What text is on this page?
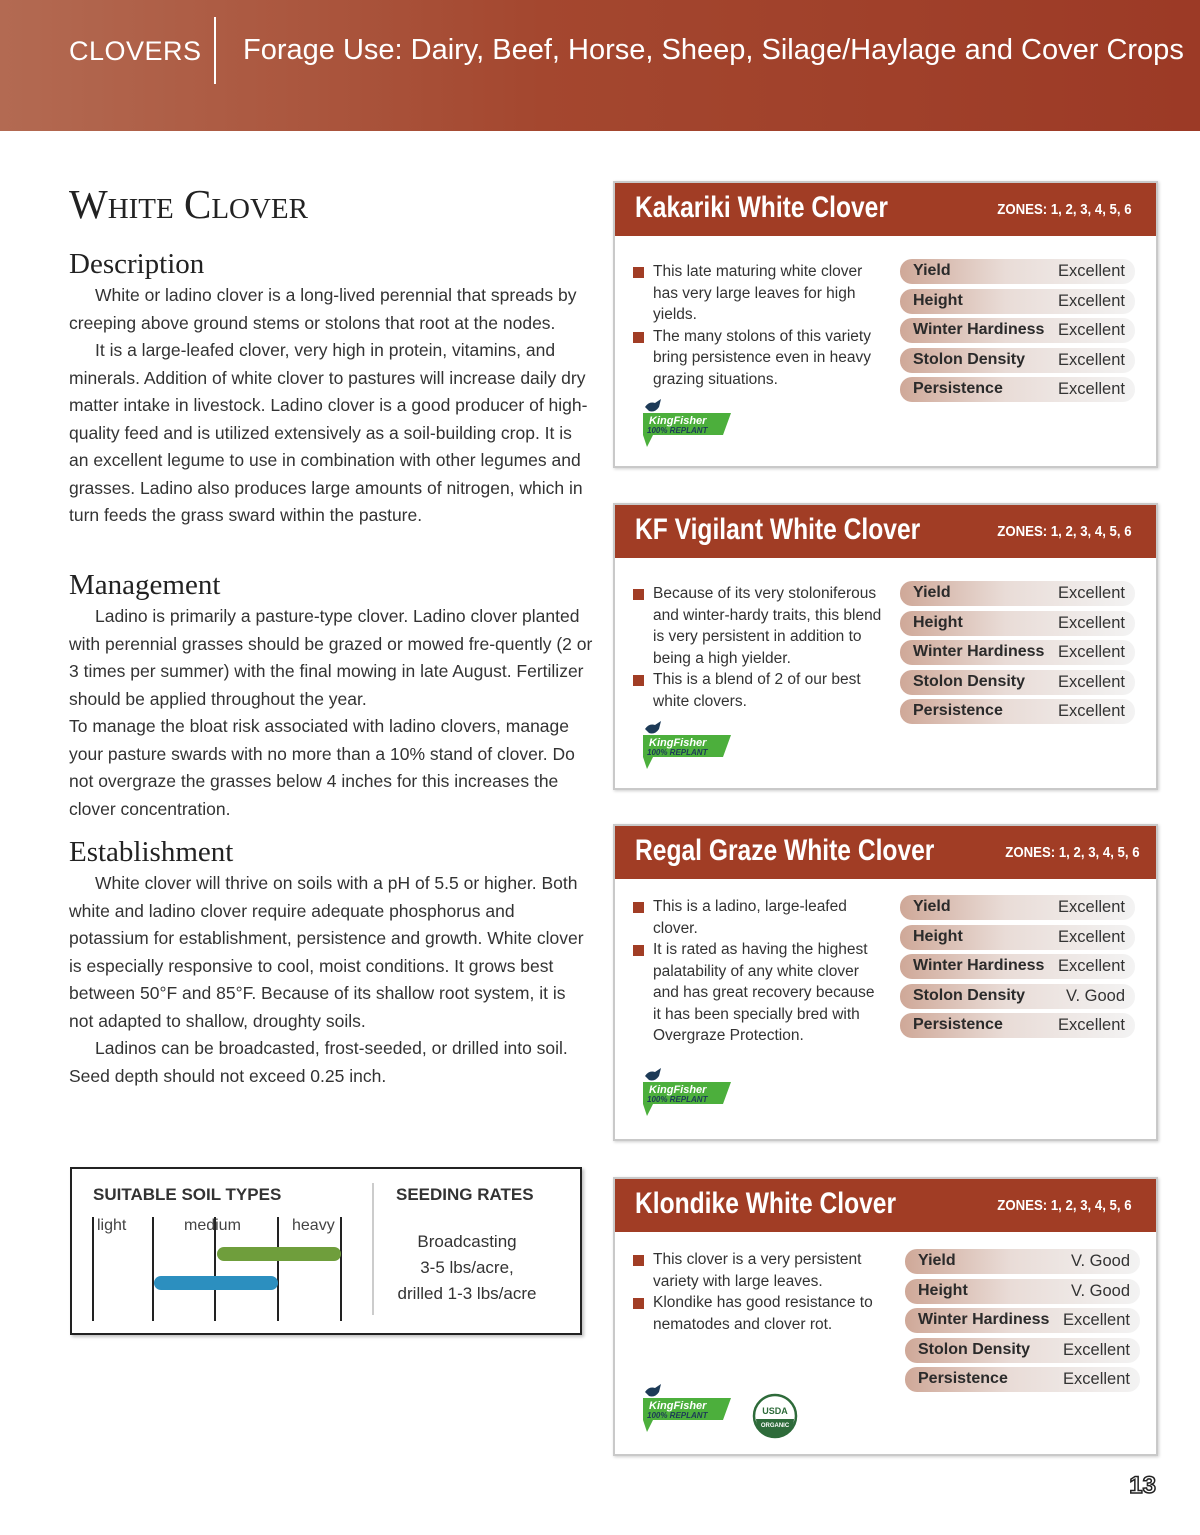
CLOVERS Forage Use: Dairy, Beef, Horse, Sheep, Silage/Haylage and Cover Crops
White Clover
Description

White or ladino clover is a long-lived perennial that spreads by creeping above ground stems or stolons that root at the nodes.

It is a large-leafed clover, very high in protein, vitamins, and minerals. Addition of white clover to pastures will increase daily dry matter intake in livestock. Ladino clover is a good producer of high-quality feed and is utilized extensively as a soil-building crop. It is an excellent legume to use in combination with other legumes and grasses. Ladino also produces large amounts of nitrogen, which in turn feeds the grass sward within the pasture.

Management

Ladino is primarily a pasture-type clover. Ladino clover planted with perennial grasses should be grazed or mowed fre-quently (2 or 3 times per summer) with the final mowing in late August. Fertilizer should be applied throughout the year.

To manage the bloat risk associated with ladino clovers, manage your pasture swards with no more than a 10% stand of clover. Do not overgraze the grasses below 4 inches for this increases the clover concentration.

Establishment

White clover will thrive on soils with a pH of 5.5 or higher. Both white and ladino clover require adequate phosphorus and potassium for establishment, persistence and growth. White clover is especially responsive to cool, moist conditions. It grows best between 50°F and 85°F. Because of its shallow root system, it is not adapted to shallow, droughty soils.

Ladinos can be broadcasted, frost-seeded, or drilled into soil. Seed depth should not exceed 0.25 inch.

SUITABLE SOIL TYPES
light	medium	heavy
SEEDING RATES
Broadcasting
3-5 lbs/acre,
drilled 1-3 lbs/acre
Kakariki White Clover	ZONES: 1, 2, 3, 4, 5, 6
This late maturing white clover has very large leaves for high yields.
The many stolons of this variety bring persistence even in heavy grazing situations.
Yield	Excellent
Height	Excellent
Winter Hardiness Excellent
Stolon Density Excellent
Persistence	Excellent
KingFisher
100% REPLANT
KF Vigilant White Clover	ZONES: 1, 2, 3, 4, 5, 6
Because of its very stoloniferous and winter-hardy traits, this blend is very persistent in addition to being a high yielder.
This is a blend of 2 of our best white clovers.
Yield	Excellent
Height	Excellent
Winter Hardiness Excellent
Stolon Density Excellent
Persistence	Excellent
KingFisher
100% REPLANT
Regal Graze White Clover	ZONES: 1, 2, 3, 4, 5, 6
This is a ladino, large-leafed clover.
It is rated as having the highest palatability of any white clover and has great recovery because it has been specially bred with Overgraze Protection.
Yield	Excellent
Height	Excellent
Winter Hardiness Excellent
Stolon Density V. Good
Persistence	Excellent
KingFisher
100% REPLANT
Klondike White Clover	ZONES: 1, 2, 3, 4, 5, 6
This clover is a very persistent variety with large leaves.
Klondike has good resistance to nematodes and clover rot.
Yield	V. Good
Height	V. Good
Winter Hardiness Excellent
Stolon Density Excellent
Persistence	Excellent
KingFisher
100% REPLANT	USDA
ORGANIC
13
